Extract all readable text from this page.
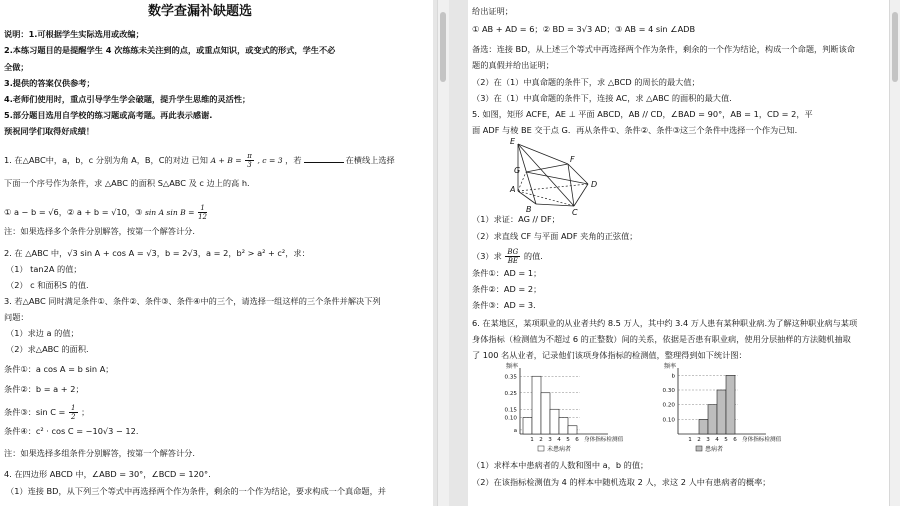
数学查漏补缺题选
说明：1.可根据学生实际选用或改编；
2.本练习题目的是提醒学生 4 次练练未关注到的点，或重点知识，或变式的形式，学生不必
全做；
3.提供的答案仅供参考；
4.老师们使用时，重点引导学生学会破题，提升学生思维的灵活性；
5.部分题目选用自学校的练习题或高考题。再此表示感谢.
预祝同学们取得好成绩！
1. 在△ABC中，a，b，c 分别为角 A，B，C的对边 已知 $A + B = \frac{\pi}{3}$ , c = 3 ，若	在横线上选择
下面一个序号作为条件，求 △ABC 的面积 S△ABC 及 c 边上的高 h.
① a − b = √6，② a + b = √10，③ sin A $\sin B = \frac{1}{12}$
注：如果选择多个条件分别解答，按第一个解答计分.
2. 在 △ABC 中，√3 sin A + cos A = √3，b = 2√3，a = 2，b² > a² + c²，求：
（1） tan2A 的值；
（2） c 和面积S 的值.
3. 若△ABC 同时满足条件①、条件②、条件③、条件④中的三个，请选择一组这样的三个条件并解决下列
问题：
（1）求边 a 的值；
（2）求△ABC 的面积.
条件①：a cos A = b sin A；
条件②：b = a + 2；
条件③：$\sin C = \frac{1}{2}$ ；
条件④：c² · cos C = −10√3 − 12.
注：如果选择多组条件分别解答，按第一个解答计分.
4. 在四边形 ABCD 中，∠ABD = 30°，∠BCD = 120°.
（1）连接 BD，从下列三个等式中再选择两个作为条件，剩余的一个作为结论，要求构成一个真命题，并
给出证明；
① AB + AD = 6；② BD = 3√3 AD；③ AB = 4 sin ∠ADB
备选：连接 BD，从上述三个等式中再选择两个作为条件，剩余的一个作为结论，构成一个命题，判断该命
题的真假并给出证明；
（2）在（1）中真命题的条件下，求 △BCD 的周长的最大值；
（3）在（1）中真命题的条件下，连接 AC，求 △ABC 的面积的最大值.
5. 如图，矩形 ACFE，AE ⊥ 平面 ABCD，AB // CD，∠BAD = 90°，AB = 1，CD = 2，平
面 ADF 与棱 BE 交于点 G．再从条件①、条件②、条件③这三个条件中选择一个作为已知.
E
G
A
B
F
D
C
（1）求证：AG // DF；
（2）求直线 CF 与平面 ADF 夹角的正弦值；
（3）求 $\frac{BG}{BE}$ 的值.
条件①：AD = 1；
条件②：AD = 2；
条件③：AD = 3．
6. 在某地区，某项职业的从业者共约 8.5 万人，其中约 3.4 万人患有某种职业病.为了解这种职业病与某项
身体指标（检测值为不超过 6 的正整数）间的关系，依据是否患有职业病，使用分层抽样的方法随机抽取
了 100 名从业者，记录他们该项身体指标的检测值，整理得到如下统计图：
频率
0.35
0.25
0.15
0.10
a
1 2 3 4 5 6 身体指标检测值
未患病者
频率
b
0.30
0.20
0.10
1 2 3 4 5 6 身体指标检测值
患病者
（1）求样本中患病者的人数和图中 a，b 的值；
（2）在该指标检测值为 4 的样本中随机选取 2 人，求这 2 人中有患病者的概率；
